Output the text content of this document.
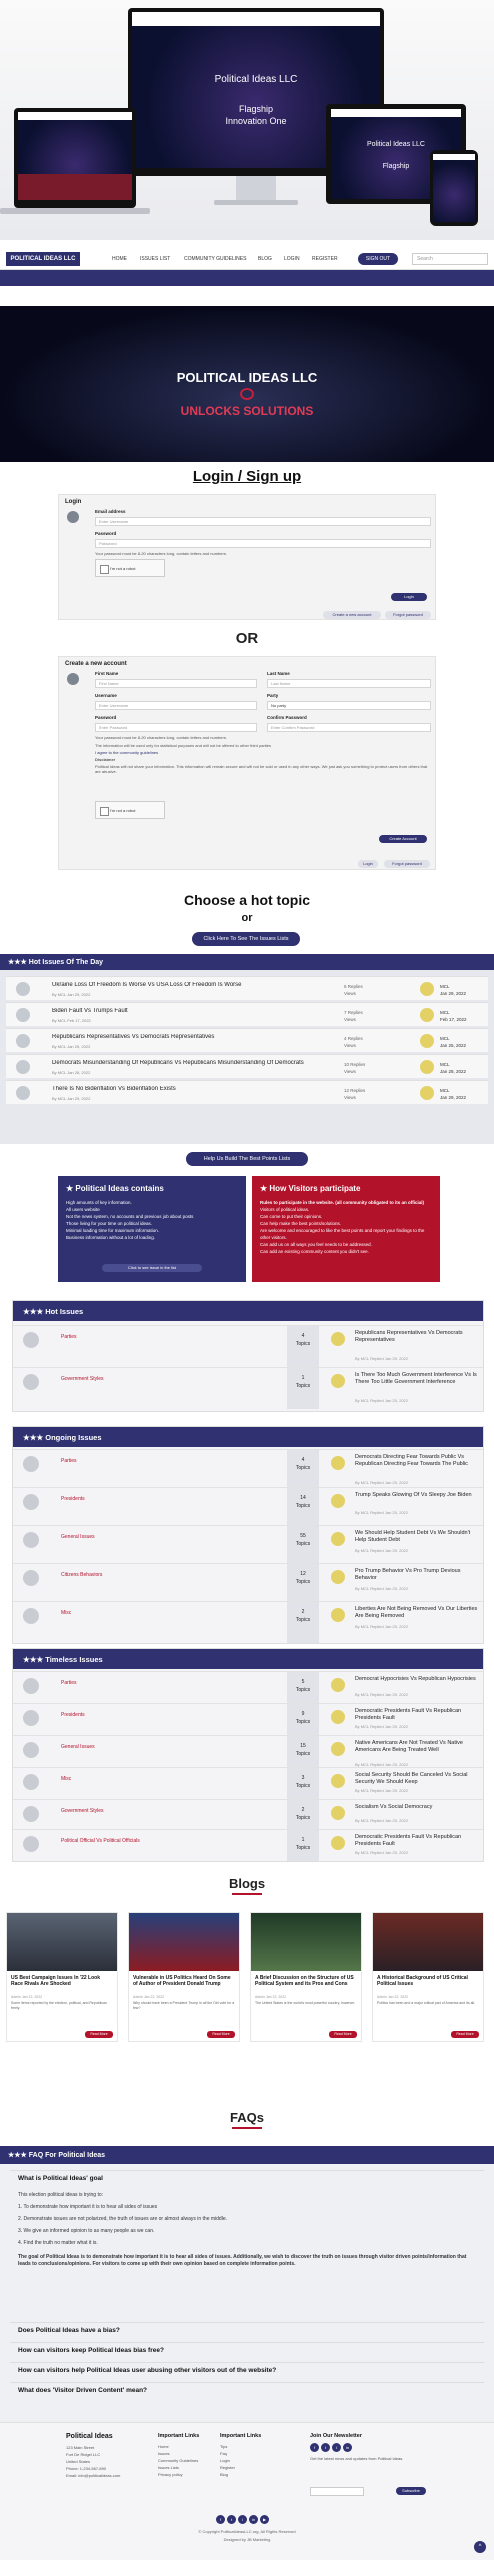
Political Ideas LLC
Flagship
Innovation One
Political Ideas LLC
Flagship
POLITICAL IDEAS LLC	HOME	ISSUES LIST	COMMUNITY GUIDELINES BLOG LOGIN REGISTER	SIGN OUT	Search
POLITICAL IDEAS LLC
UNLOCKS SOLUTIONS
Login / Sign up
Login
Email address
Enter Username
Password
Password
Your password must be 8-20 characters long, contain letters and numbers.
I'm not a robot
Login
Create a new account	Forgot password
OR
Create a new account
First Name
First Name
Last Name
Last Name
Username
Enter Username
Party
No party
Password
Enter Password
Confirm Password
Enter Confirm Password
Your password must be 8-20 characters long, contain letters and numbers.
The information will be used only for statistical purposes and will not be offered to other third parties
I agree to the community guidelines
Disclaimer
Political Ideas will not share your information. This information will remain secure and will not be sold or used in any other ways. We just ask you something to protect users from others that are abusive.
I'm not a robot
Create Account
Login	Forgot password
Choose a hot topic
or
Click Here To See The Issues Lists
★★★ Hot Issues Of The Day
Ukraine Loss Of Freedom Is Worse Vs USA Loss Of Freedom Is Worse
By MCL Jan 29, 2022
5 Replies
Views
MCL
Jan 29, 2022
Biden Fault Vs Trumps Fault
By MCL Feb 17, 2022
7 Replies
Views
MCL
Feb 17, 2022
Republicans Representatives Vs Democrats Representatives
By MCL Jan 25, 2022
4 Replies
Views
MCL
Jan 25, 2022
Democrats Misunderstanding Of Republicans Vs Republicans Misunderstanding Of Democrats
By MCL Jan 28, 2022
10 Replies
Views
MCL
Jan 28, 2022
There Is No Bidenflation Vs Bidenflation Exists
By MCL Jan 29, 2022
12 Replies
Views
MCL
Jan 29, 2022
Help Us Build The Best Points Lists
★ Political Ideas contains
High amounts of key information.
All users website
Not the news system, no accounts and previous job about posts
Those living for your time on political ideas.
Minimal loading time for maximum information.
Business information without a lot of loading.
Click to see issue in the list
★ How Visitors participate
Rules to participate in the website. (all community obligated to its an official)
Visitors of political ideas.
Can come to put their opinions.
Can help make the best points/solutions.
Are welcome and encouraged to like the best points and report your findings to the other visitors.
Can add us on all ways you feel needs to be addressed.
Can add an existing community content you didn't see.
★★★ Hot Issues
Parties	4
Topics
Republicans Representatives Vs Democrats Representatives
By MCL Replied Jan 25, 2022
Government Styles	1
Topics
Is There Too Much Government Interference Vs Is There Too Little Government Interference
By MCL Replied Jan 25, 2022
★★★ Ongoing Issues
Parties	4
Topics
Democrats Directing Fear Towards Public Vs Republican Directing Fear Towards The Public
By MCL Replied Jan 25, 2022
Presidents	14
Topics
Trump Speaks Glowing Of Vs Sleepy Joe Biden
By MCL Replied Jan 25, 2022
General Issues	55
Topics
We Should Help Student Debt Vs We Shouldn't Help Student Debt
By MCL Replied Jan 25, 2022
Citizens Behaviors	12
Topics
Pro Trump Behavior Vs Pro Trump Devious Behavior
By MCL Replied Jan 25, 2022
Misc	2
Topics
Liberties Are Not Being Removed Vs Our Liberties Are Being Removed
By MCL Replied Jan 25, 2022
★★★ Timeless Issues
Parties	5
Topics
Democrat Hypocrisies Vs Republican Hypocrisies
By MCL Replied Jan 25, 2022
Presidents	9
Topics
Democratic Presidents Fault Vs Republican Presidents Fault
By MCL Replied Jan 25, 2022
General Issues	15
Topics
Native Americans Are Not Treated Vs Native Americans Are Being Treated Well
By MCL Replied Jan 25, 2022
Misc	3
Topics
Social Security Should Be Canceled Vs Social Security We Should Keep
By MCL Replied Jan 25, 2022
Government Styles	2
Topics
Socialism Vs Social Democracy
By MCL Replied Jan 25, 2022
Political Official Vs Political Officials	1
Topics
Democratic Presidents Fault Vs Republican Presidents Fault
By MCL Replied Jan 25, 2022
Blogs
US Best Campaign Issues In '22 Look Race Rivals Are Shocked
Admin Jan 22, 2022
Some items reported by the election, political, and Republican freely.
Read More
Vulnerable in US Politics Heard On Some of Author of President Donald Trump
Admin Jan 22, 2022
Why should have been a President Trump in all the Old vote for a few?
Read More
A Brief Discussion on the Structure of US Political System and its Pros and Cons
Admin Jan 22, 2022
The United States is the world's most powerful country, however.
Read More
A Historical Background of US Critical Political Issues
Admin Jan 22, 2022
Politics has been and a major critical part of America and its all.
Read More
FAQs
★★★ FAQ For Political Ideas
What is Political Ideas' goal
This election political ideas is trying to:
1. To demonstrate how important it is to hear all sides of issues
2. Demonstrate issues are not polarized, the truth of issues are or almost always in the middle.
3. We give an informed opinion to as many people as we can.
4. Find the truth no matter what it is.
The goal of Political Ideas is to demonstrate how important it is to hear all sides of issues. Additionally, we wish to discover the truth on issues through visitor driven points/information that leads to conclusions/opinions. For visitors to come up with their own opinion based on complete information points.
Does Political Ideas have a bias?
How can visitors keep Political Ideas bias free?
How can visitors help Political Ideas user abusing other visitors out of the website?
What does 'Visitor Driven Content' mean?
Political Ideas
123 Main Street
Fort De Ridgel LLC
United States
Phone: 1-234-567-890
Email: info@politicalideas.com
Important Links
Home
Issues
Community Guidelines
Issues Lists
Privacy policy
Important Links
Tips
Faq
Login
Register
Blog
Join Our Newsletter
Get the latest news and updates from Political Ideas.
Subscribe
f	t	i	in
f	t	i	in	▶
© Copyright PoliticalIdeasLLC.org, All Rights Reserved
Designed by JB Marketing
^
